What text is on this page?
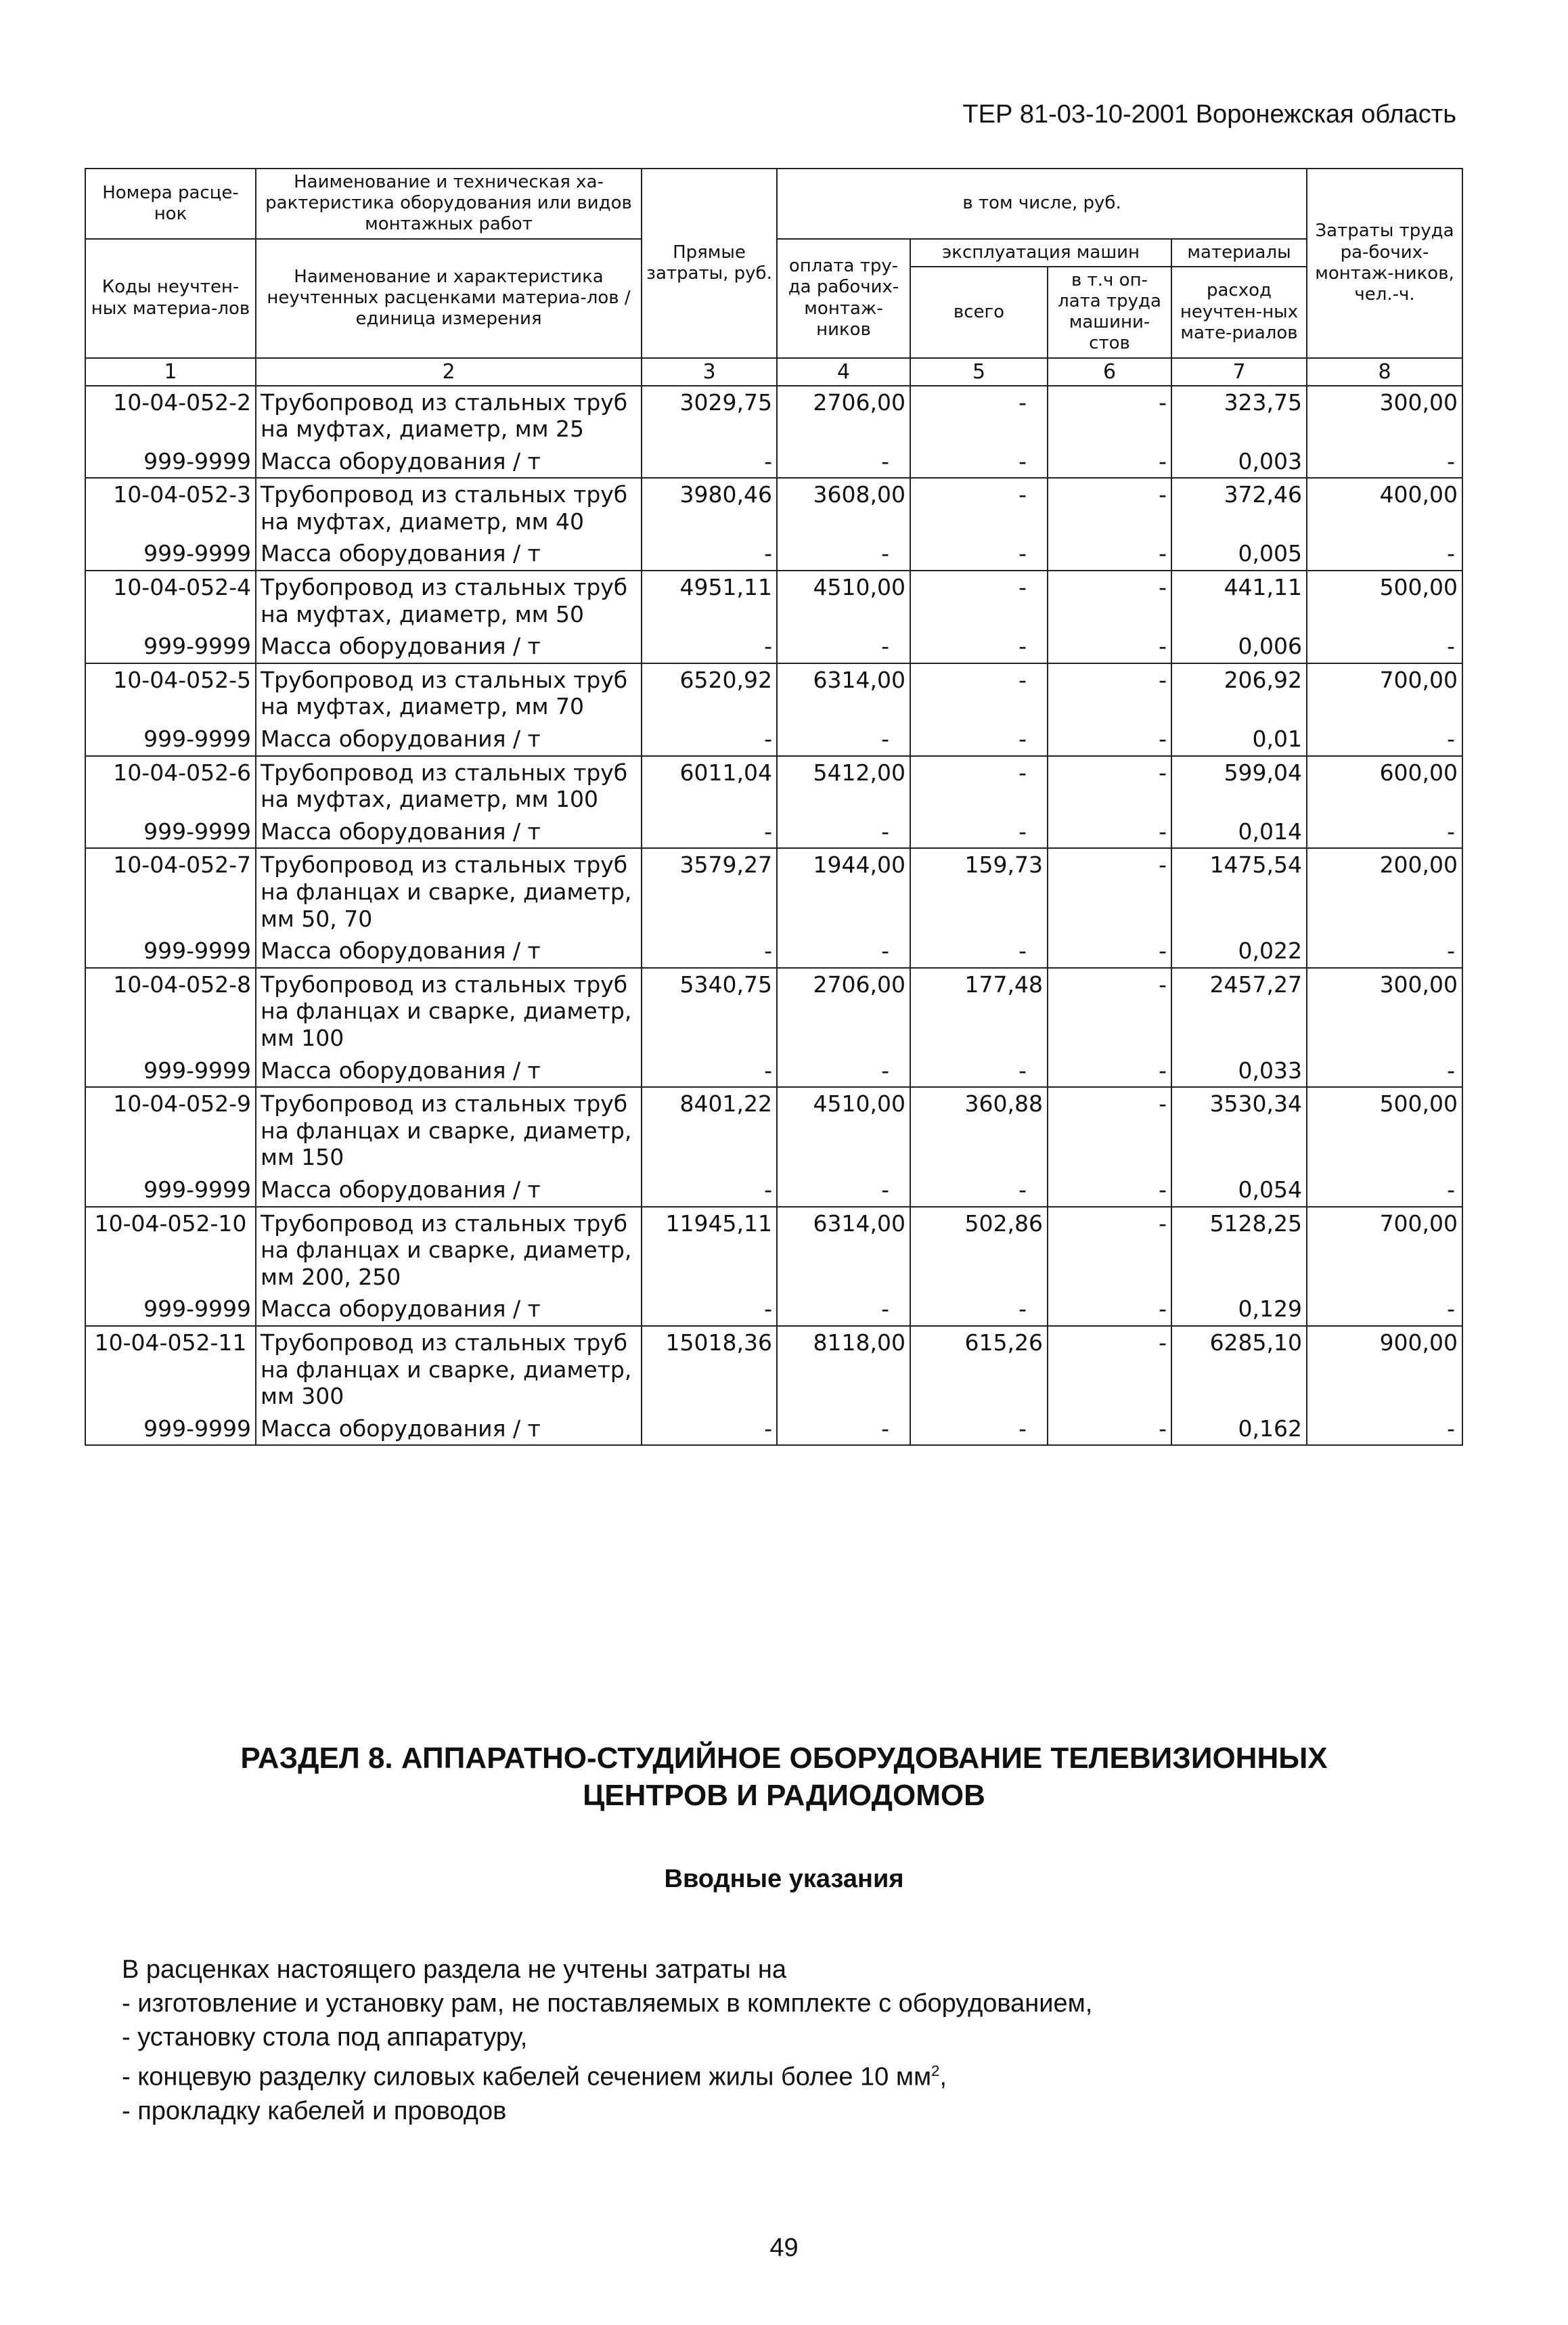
ТЕР 81-03-10-2001 Воронежская область
Номера расце-нок	Наименование и техническая ха-рактеристика оборудования или видов монтажных работ	Прямые затраты, руб.	в том числе, руб.				Затраты труда ра-бочих-монтаж-ников, чел.-ч.
Коды неучтен-ных материа-лов	Наименование и характеристика неучтенных расценками материа-лов / единица измерения		оплата тру-да рабочих-монтаж-ников	эксплуатация машин		материалы	
				всего	в т.ч оп-лата труда машини-стов	расход неучтен-ных мате-риалов	
1	2	3	4	5	6	7	8
10-04-052-2	Трубопровод из стальных труб на муфтах, диаметр, мм 25	3029,75	2706,00	-	-	323,75	300,00
999-9999	Масса оборудования / т	-	-	-	-	0,003	-
10-04-052-3	Трубопровод из стальных труб на муфтах, диаметр, мм 40	3980,46	3608,00	-	-	372,46	400,00
999-9999	Масса оборудования / т	-	-	-	-	0,005	-
10-04-052-4	Трубопровод из стальных труб на муфтах, диаметр, мм 50	4951,11	4510,00	-	-	441,11	500,00
999-9999	Масса оборудования / т	-	-	-	-	0,006	-
10-04-052-5	Трубопровод из стальных труб на муфтах, диаметр, мм 70	6520,92	6314,00	-	-	206,92	700,00
999-9999	Масса оборудования / т	-	-	-	-	0,01	-
10-04-052-6	Трубопровод из стальных труб на муфтах, диаметр, мм 100	6011,04	5412,00	-	-	599,04	600,00
999-9999	Масса оборудования / т	-	-	-	-	0,014	-
10-04-052-7	Трубопровод из стальных труб на фланцах и сварке, диаметр, мм 50, 70	3579,27	1944,00	159,73	-	1475,54	200,00
999-9999	Масса оборудования / т	-	-	-	-	0,022	-
10-04-052-8	Трубопровод из стальных труб на фланцах и сварке, диаметр, мм 100	5340,75	2706,00	177,48	-	2457,27	300,00
999-9999	Масса оборудования / т	-	-	-	-	0,033	-
10-04-052-9	Трубопровод из стальных труб на фланцах и сварке, диаметр, мм 150	8401,22	4510,00	360,88	-	3530,34	500,00
999-9999	Масса оборудования / т	-	-	-	-	0,054	-
10-04-052-10	Трубопровод из стальных труб на фланцах и сварке, диаметр, мм 200, 250	11945,11	6314,00	502,86	-	5128,25	700,00
999-9999	Масса оборудования / т	-	-	-	-	0,129	-
10-04-052-11	Трубопровод из стальных труб на фланцах и сварке, диаметр, мм 300	15018,36	8118,00	615,26	-	6285,10	900,00
999-9999	Масса оборудования / т	-	-	-	-	0,162	-
РАЗДЕЛ 8. АППАРАТНО-СТУДИЙНОЕ ОБОРУДОВАНИЕ ТЕЛЕВИЗИОННЫХ
ЦЕНТРОВ И РАДИОДОМОВ
Вводные указания

В расценках настоящего раздела не учтены затраты на

- изготовление и установку рам, не поставляемых в комплекте с оборудованием,
- установку стола под аппаратуру,
- концевую разделку силовых кабелей сечением жилы более 10 $мм^2$,
- прокладку кабелей и проводов
49
